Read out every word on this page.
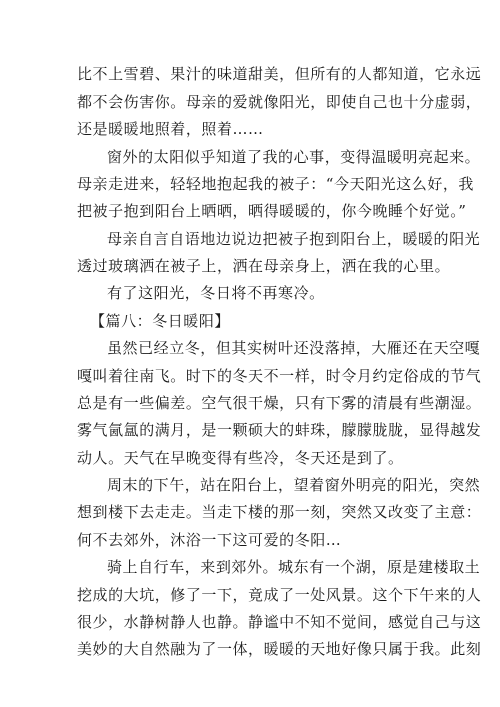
比不上雪碧、果汁的味道甜美，但所有的人都知道，它永远
都不会伤害你。母亲的爱就像阳光，即使自己也十分虚弱，
还是暖暖地照着，照着……
窗外的太阳似乎知道了我的心事，变得温暖明亮起来。
母亲走进来，轻轻地抱起我的被子：“今天阳光这么好，我
把被子抱到阳台上晒晒，晒得暖暖的，你今晚睡个好觉。”
母亲自言自语地边说边把被子抱到阳台上，暖暖的阳光
透过玻璃洒在被子上，洒在母亲身上，洒在我的心里。
有了这阳光，冬日将不再寒冷。
【篇八：冬日暖阳】
虽然已经立冬，但其实树叶还没落掉，大雁还在天空嘎
嘎叫着往南飞。时下的冬天不一样，时令月约定俗成的节气
总是有一些偏差。空气很干燥，只有下雾的清晨有些潮湿。
雾气氤氲的满月，是一颗硕大的蚌珠，朦朦胧胧，显得越发
动人。天气在早晚变得有些冷，冬天还是到了。
周末的下午，站在阳台上，望着窗外明亮的阳光，突然
想到楼下去走走。当走下楼的那一刻，突然又改变了主意：
何不去郊外，沐浴一下这可爱的冬阳…
骑上自行车，来到郊外。城东有一个湖，原是建楼取土
挖成的大坑，修了一下，竟成了一处风景。这个下午来的人
很少，水静树静人也静。静谧中不知不觉间，感觉自己与这
美妙的大自然融为了一体，暖暖的天地好像只属于我。此刻
